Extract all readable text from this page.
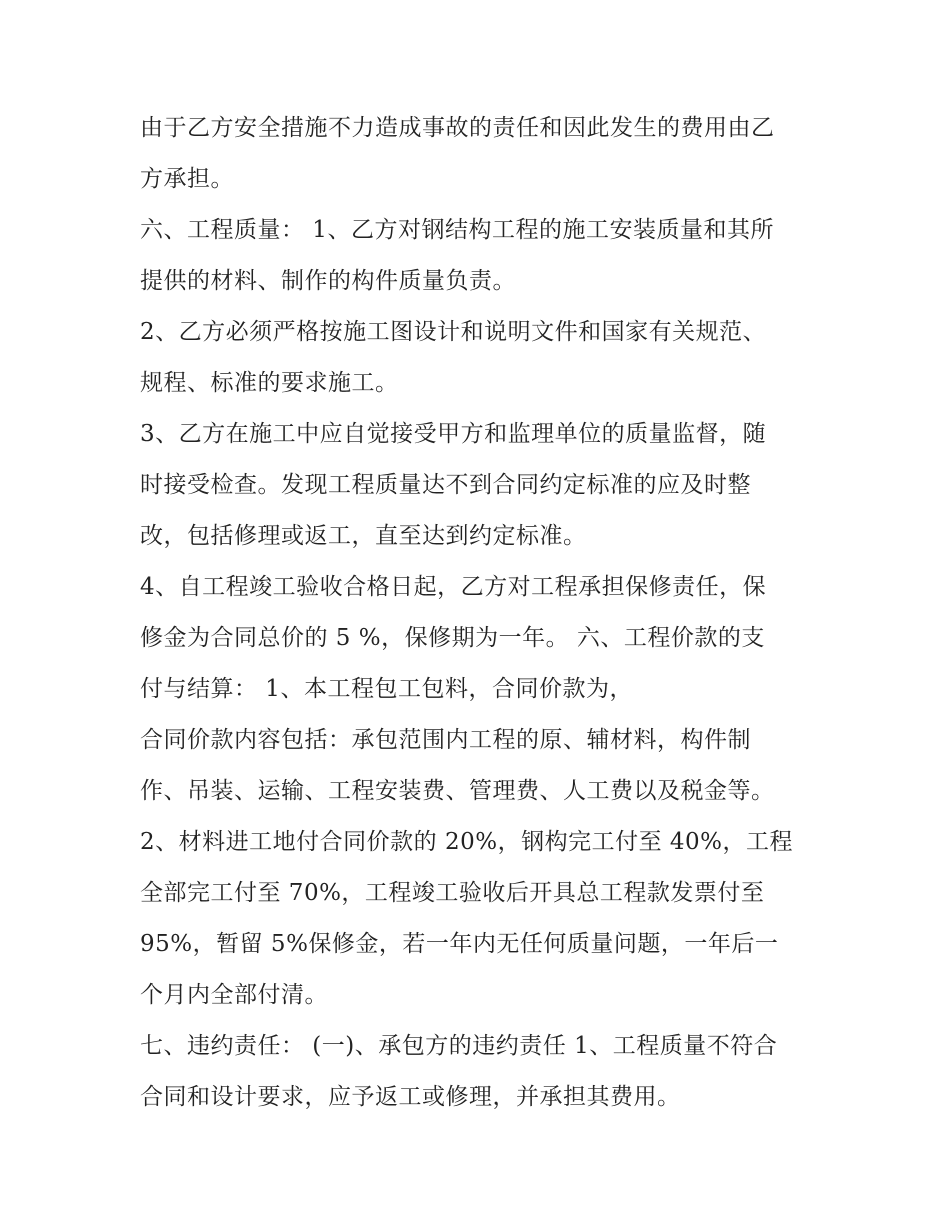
由于乙方安全措施不力造成事故的责任和因此发生的费用由乙
方承担。
六、工程质量： 1、乙方对钢结构工程的施工安装质量和其所
提供的材料、制作的构件质量负责。
2、乙方必须严格按施工图设计和说明文件和国家有关规范、
规程、标准的要求施工。
3、乙方在施工中应自觉接受甲方和监理单位的质量监督，随
时接受检查。发现工程质量达不到合同约定标准的应及时整
改，包括修理或返工，直至达到约定标准。
4、自工程竣工验收合格日起，乙方对工程承担保修责任，保
修金为合同总价的 5 %，保修期为一年。 六、工程价款的支
付与结算： 1、本工程包工包料，合同价款为，
合同价款内容包括：承包范围内工程的原、辅材料，构件制
作、吊装、运输、工程安装费、管理费、人工费以及税金等。
2、材料进工地付合同价款的 20%，钢构完工付至 40%，工程
全部完工付至 70%，工程竣工验收后开具总工程款发票付至
95%，暂留 5%保修金，若一年内无任何质量问题，一年后一
个月内全部付清。
七、违约责任： (一)、承包方的违约责任 1、工程质量不符合
合同和设计要求，应予返工或修理，并承担其费用。
